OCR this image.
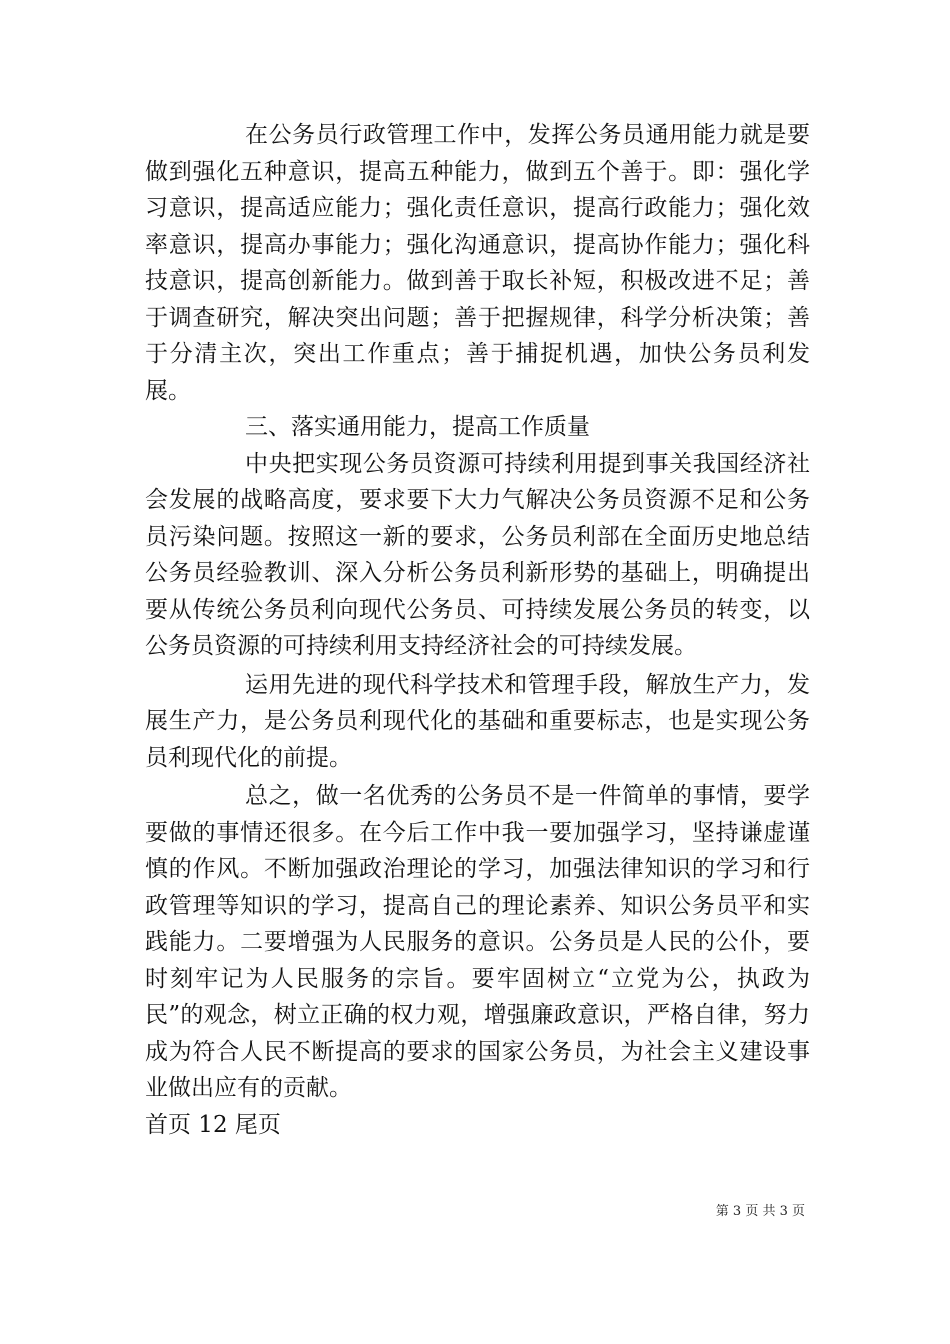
在公务员行政管理工作中，发挥公务员通用能力就是要做到强化五种意识，提高五种能力，做到五个善于。即：强化学习意识，提高适应能力；强化责任意识，提高行政能力；强化效率意识，提高办事能力；强化沟通意识，提高协作能力；强化科技意识，提高创新能力。做到善于取长补短，积极改进不足；善于调查研究，解决突出问题；善于把握规律，科学分析决策；善于分清主次，突出工作重点；善于捕捉机遇，加快公务员利发展。

三、落实通用能力，提高工作质量

中央把实现公务员资源可持续利用提到事关我国经济社会发展的战略高度，要求要下大力气解决公务员资源不足和公务员污染问题。按照这一新的要求，公务员利部在全面历史地总结公务员经验教训、深入分析公务员利新形势的基础上，明确提出要从传统公务员利向现代公务员、可持续发展公务员的转变，以公务员资源的可持续利用支持经济社会的可持续发展。

运用先进的现代科学技术和管理手段，解放生产力，发展生产力，是公务员利现代化的基础和重要标志，也是实现公务员利现代化的前提。

总之，做一名优秀的公务员不是一件简单的事情，要学要做的事情还很多。在今后工作中我一要加强学习，坚持谦虚谨慎的作风。不断加强政治理论的学习，加强法律知识的学习和行政管理等知识的学习，提高自己的理论素养、知识公务员平和实践能力。二要增强为人民服务的意识。公务员是人民的公仆，要时刻牢记为人民服务的宗旨。要牢固树立“立党为公，执政为民”的观念，树立正确的权力观，增强廉政意识，严格自律，努力成为符合人民不断提高的要求的国家公务员，为社会主义建设事业做出应有的贡献。

首页 12 尾页

第 3 页 共 3 页
